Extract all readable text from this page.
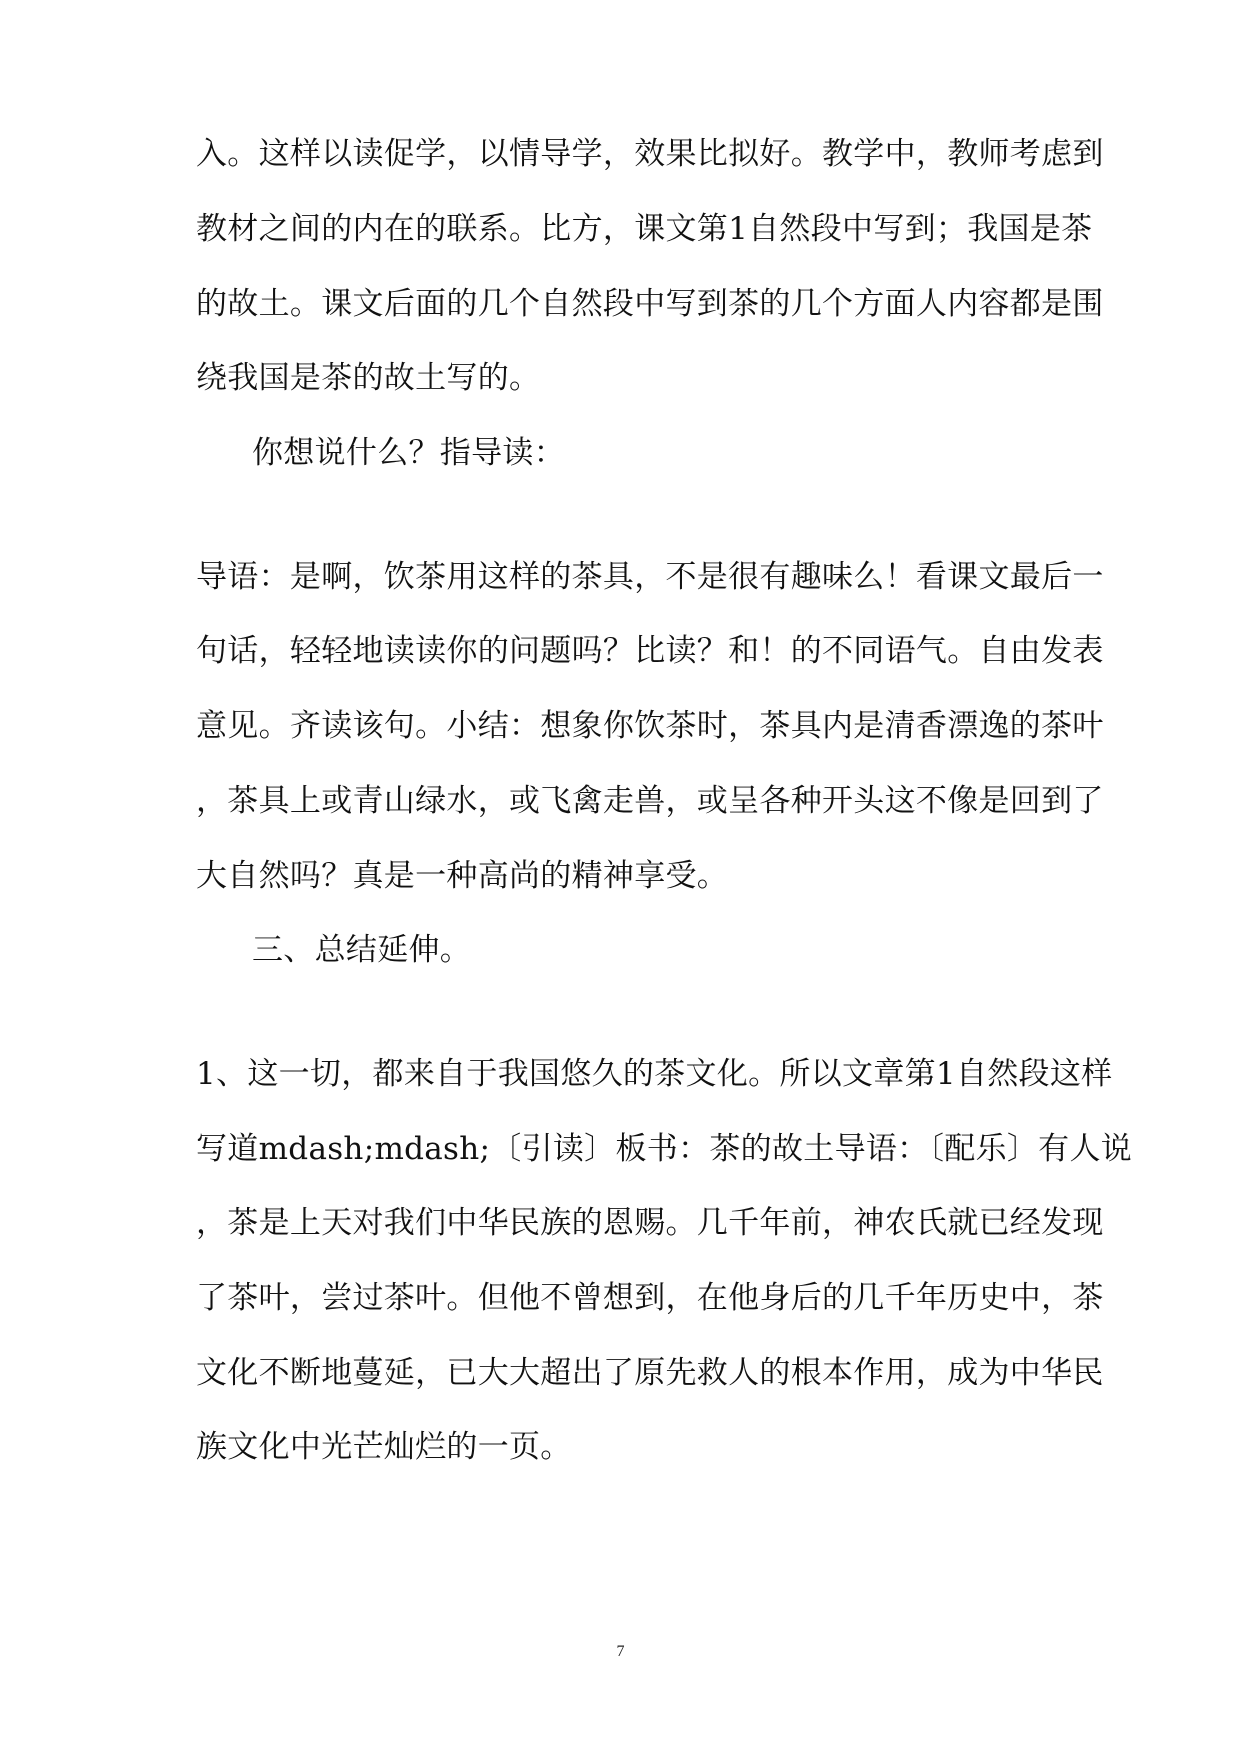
入。这样以读促学，以情导学，效果比拟好。教学中，教师考虑到
教材之间的内在的联系。比方，课文第1自然段中写到；我国是茶
的故土。课文后面的几个自然段中写到茶的几个方面人内容都是围
绕我国是茶的故土写的。
你想说什么？指导读：
导语：是啊，饮茶用这样的茶具，不是很有趣味么！看课文最后一
句话，轻轻地读读你的问题吗？比读？和！的不同语气。自由发表
意见。齐读该句。小结：想象你饮茶时，茶具内是清香漂逸的茶叶
，茶具上或青山绿水，或飞禽走兽，或呈各种开头这不像是回到了
大自然吗？真是一种高尚的精神享受。
三、总结延伸。
1、这一切，都来自于我国悠久的茶文化。所以文章第1自然段这样
写道mdash;mdash;〔引读〕板书：茶的故土导语：〔配乐〕有人说
，茶是上天对我们中华民族的恩赐。几千年前，神农氏就已经发现
了茶叶，尝过茶叶。但他不曾想到，在他身后的几千年历史中，茶
文化不断地蔓延，已大大超出了原先救人的根本作用，成为中华民
族文化中光芒灿烂的一页。
7
